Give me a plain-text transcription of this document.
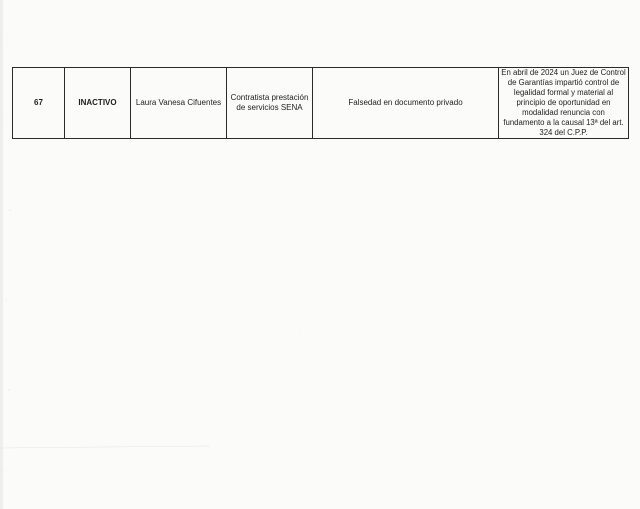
67	INACTIVO	Laura Vanesa Cifuentes	Contratista prestación de servicios SENA	Falsedad en documento privado	En abril de 2024 un Juez de Control de Garantías impartió control de legalidad formal y material al principio de oportunidad en modalidad renuncia con fundamento a la causal 13ª del art. 324 del C.P.P.
